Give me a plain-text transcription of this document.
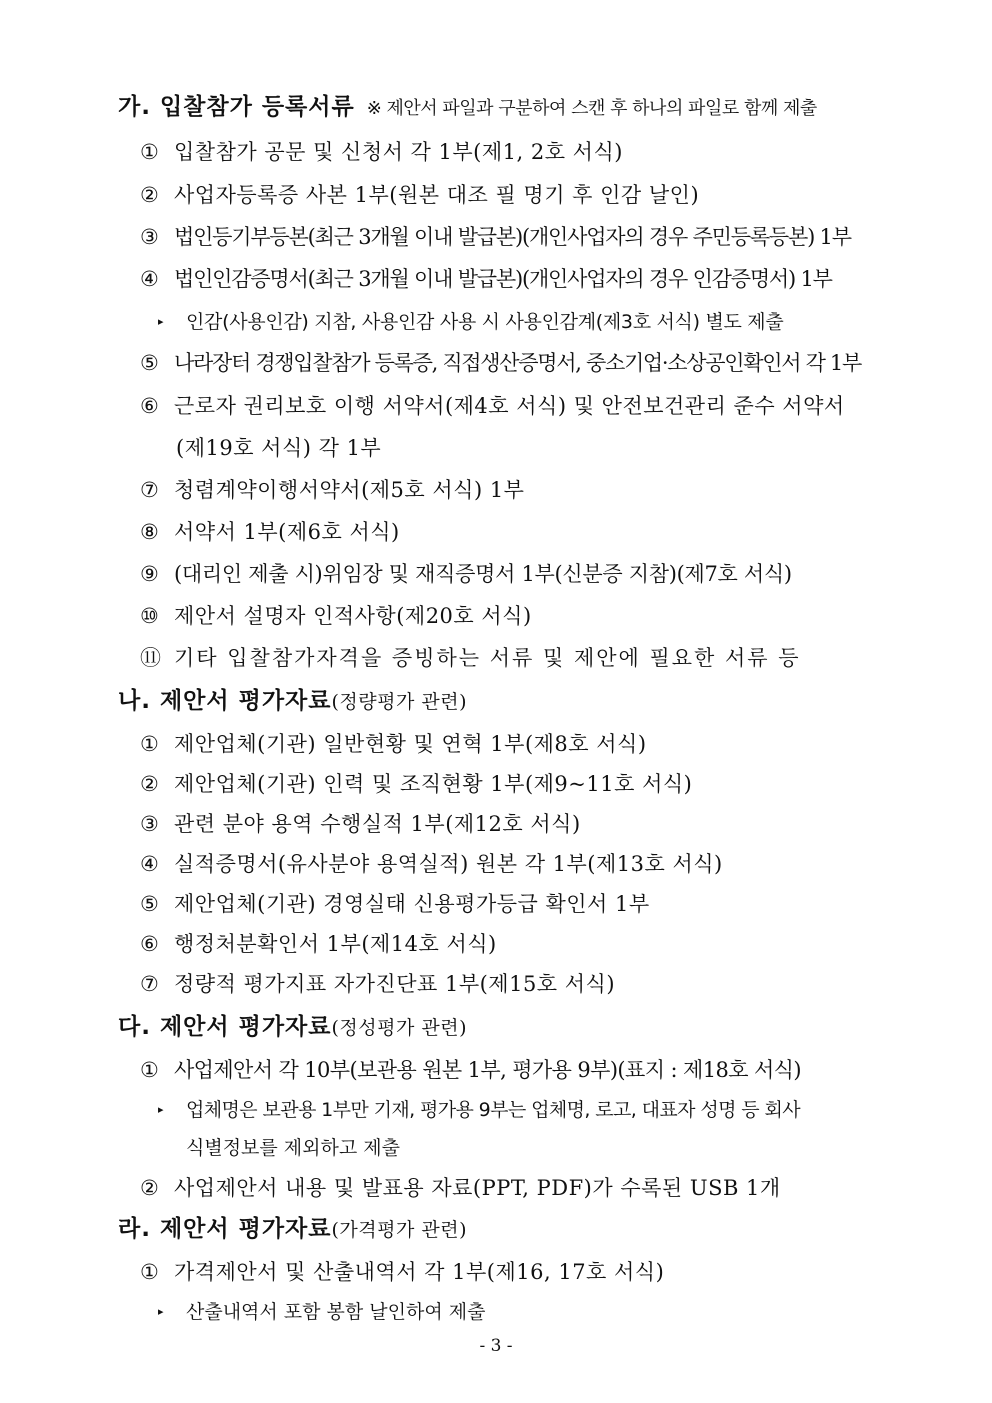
가. 입찰참가 등록서류 ※ 제안서 파일과 구분하여 스캔 후 하나의 파일로 함께 제출
① 입찰참가 공문 및 신청서 각 1부(제1, 2호 서식)
② 사업자등록증 사본 1부(원본 대조 필 명기 후 인감 날인)
③ 법인등기부등본(최근 3개월 이내 발급본)(개인사업자의 경우 주민등록등본) 1부
④ 법인인감증명서(최근 3개월 이내 발급본)(개인사업자의 경우 인감증명서) 1부
▸ 인감(사용인감) 지참, 사용인감 사용 시 사용인감계(제3호 서식) 별도 제출
⑤ 나라장터 경쟁입찰참가 등록증, 직접생산증명서, 중소기업·소상공인확인서 각 1부
⑥ 근로자 권리보호 이행 서약서(제4호 서식) 및 안전보건관리 준수 서약서
(제19호 서식) 각 1부
⑦ 청렴계약이행서약서(제5호 서식) 1부
⑧ 서약서 1부(제6호 서식)
⑨ (대리인 제출 시)위임장 및 재직증명서 1부(신분증 지참)(제7호 서식)
⑩ 제안서 설명자 인적사항(제20호 서식)
⑪ 기타 입찰참가자격을 증빙하는 서류 및 제안에 필요한 서류 등
나. 제안서 평가자료(정량평가 관련)
① 제안업체(기관) 일반현황 및 연혁 1부(제8호 서식)
② 제안업체(기관) 인력 및 조직현황 1부(제9~11호 서식)
③ 관련 분야 용역 수행실적 1부(제12호 서식)
④ 실적증명서(유사분야 용역실적) 원본 각 1부(제13호 서식)
⑤ 제안업체(기관) 경영실태 신용평가등급 확인서 1부
⑥ 행정처분확인서 1부(제14호 서식)
⑦ 정량적 평가지표 자가진단표 1부(제15호 서식)
다. 제안서 평가자료(정성평가 관련)
① 사업제안서 각 10부(보관용 원본 1부, 평가용 9부)(표지 : 제18호 서식)
▸ 업체명은 보관용 1부만 기재, 평가용 9부는 업체명, 로고, 대표자 성명 등 회사
식별정보를 제외하고 제출
② 사업제안서 내용 및 발표용 자료(PPT, PDF)가 수록된 USB 1개
라. 제안서 평가자료(가격평가 관련)
① 가격제안서 및 산출내역서 각 1부(제16, 17호 서식)
▸ 산출내역서 포함 봉함 날인하여 제출
- 3 -
